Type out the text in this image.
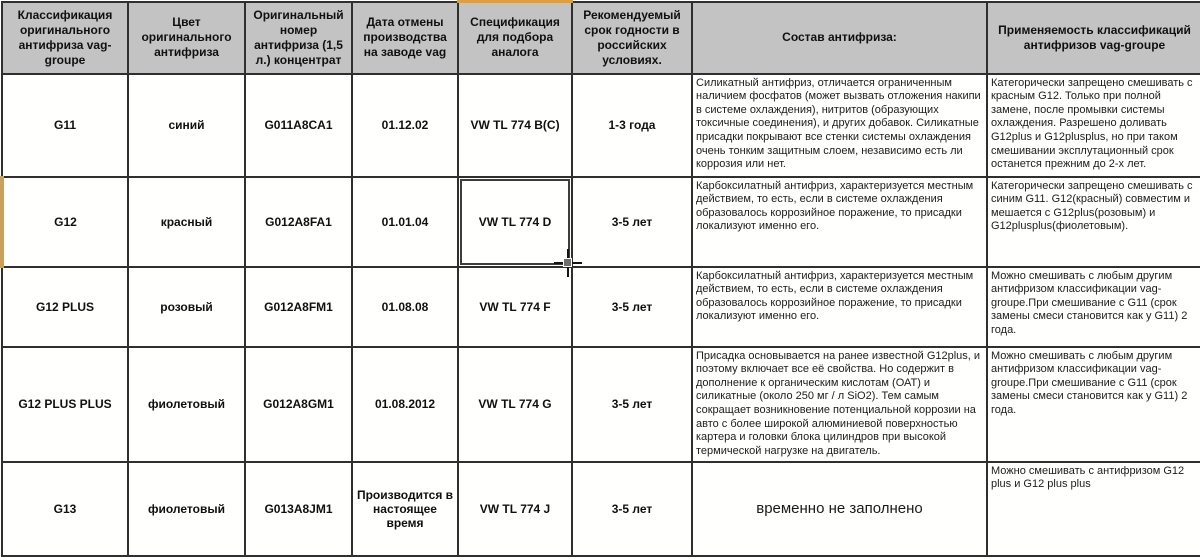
Классификация оригинального антифриза vag-groupe	Цвет оригинального антифриза	Оригинальный номер антифриза (1,5 л.) концентрат	Дата отмены производства на заводе vag	Спецификация для подбора аналога	Рекомендуемый срок годности в российских условиях.	Состав антифриза:	Применяемость классификаций антифризов vag-groupe
G11	синий	G011A8CA1	01.12.02	VW TL 774 B(C)	1-3 года	Силикатный антифриз, отличается ограниченным наличием фосфатов (может вызвать отложения накипи в системе охлаждения), нитритов (образующих токсичные соединения), и других добавок. Силикатные присадки покрывают все стенки системы охлаждения очень тонким защитным слоем, независимо есть ли коррозия или нет.	Категорически запрещено смешивать с красным G12. Только при полной замене, после промывки системы охлаждения. Разрешено доливать G12plus и G12plusplus, но при таком смешивании эксплутационный срок останется прежним до 2-х лет.
G12	красный	G012A8FA1	01.01.04	VW TL 774 D	3-5 лет	Карбоксилатный антифриз, характеризуется местным действием, то есть, если в системе охлаждения образовалось коррозийное поражение, то присадки локализуют именно его.	Категорически запрещено смешивать с синим G11. G12(красный) совместим и мешается с G12plus(розовым) и G12plusplus(фиолетовым).
G12 PLUS	розовый	G012A8FM1	01.08.08	VW TL 774 F	3-5 лет	Карбоксилатный антифриз, характеризуется местным действием, то есть, если в системе охлаждения образовалось коррозийное поражение, то присадки локализуют именно его.	Можно смешивать с любым другим антифризом классификации vag-groupe.При смешивание с G11 (срок замены смеси становится как у G11) 2 года.
G12 PLUS PLUS	фиолетовый	G012A8GM1	01.08.2012	VW TL 774 G	3-5 лет	Присадка основывается на ранее известной G12plus, и поэтому включает все её свойства. Но содержит в дополнение к органическим кислотам (ОАТ) и силикатные (около 250 мг / л SiO2). Тем самым сокращает возникновение потенциальной коррозии на авто с более широкой алюминиевой поверхностью картера и головки блока цилиндров при высокой термической нагрузке на двигатель.	Можно смешивать с любым другим антифризом классификации vag-groupe.При смешивание с G11 (срок замены смеси становится как у G11) 2 года.
G13	фиолетовый	G013A8JM1	Производится в настоящее время	VW TL 774 J	3-5 лет	временно не заполнено	Можно смешивать с антифризом G12 plus и G12 plus plus
